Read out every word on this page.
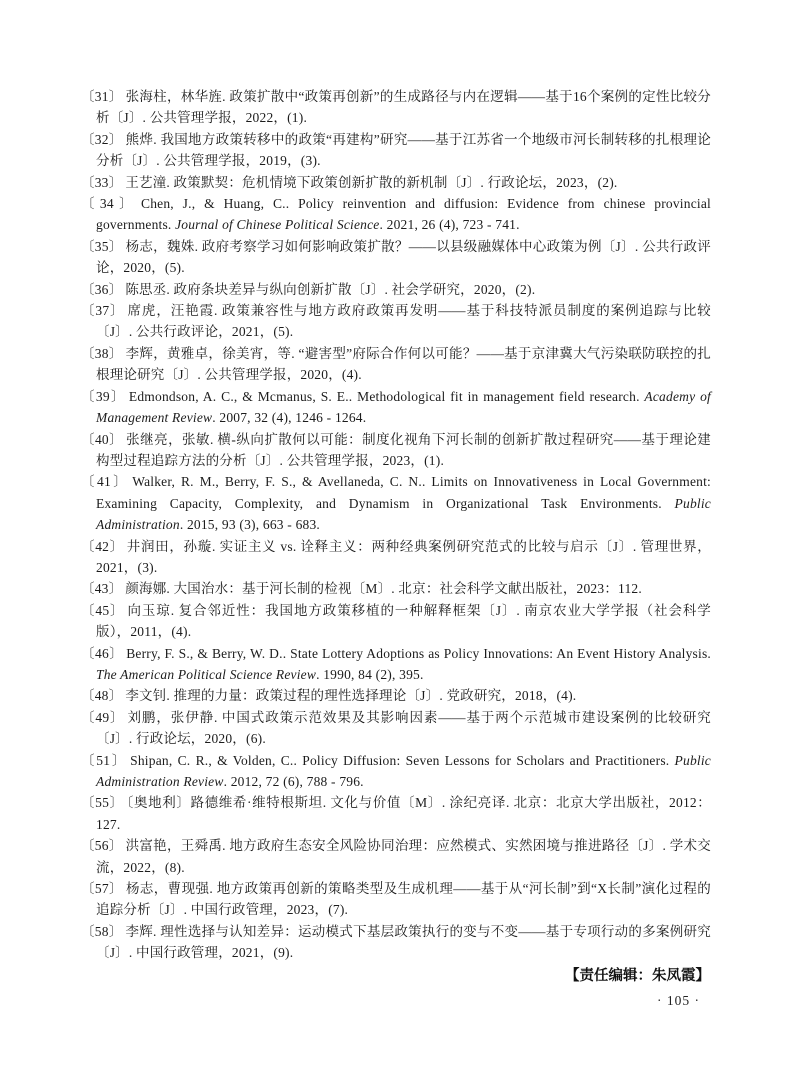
〔31〕 张海柱，林华旌. 政策扩散中“政策再创新”的生成路径与内在逻辑——基于16个案例的定性比较分析〔J〕. 公共管理学报，2022，(1).
〔32〕 熊烨. 我国地方政策转移中的政策“再建构”研究——基于江苏省一个地级市河长制转移的扎根理论分析〔J〕. 公共管理学报，2019，(3).
〔33〕 王艺潼. 政策默契：危机情境下政策创新扩散的新机制〔J〕. 行政论坛，2023，(2).
〔34〕 Chen, J., & Huang, C.. Policy reinvention and diffusion: Evidence from chinese provincial governments. Journal of Chinese Political Science. 2021, 26 (4), 723 - 741.
〔35〕 杨志，魏姝. 政府考察学习如何影响政策扩散？——以县级融媒体中心政策为例〔J〕. 公共行政评论，2020，(5).
〔36〕 陈思丞. 政府条块差异与纵向创新扩散〔J〕. 社会学研究，2020，(2).
〔37〕 席虎，汪艳霞. 政策兼容性与地方政府政策再发明——基于科技特派员制度的案例追踪与比较〔J〕. 公共行政评论，2021，(5).
〔38〕 李辉，黄雅卓，徐美宵，等. “避害型”府际合作何以可能？——基于京津冀大气污染联防联控的扎根理论研究〔J〕. 公共管理学报，2020，(4).
〔39〕 Edmondson, A. C., & Mcmanus, S. E.. Methodological fit in management field research. Academy of Management Review. 2007, 32 (4), 1246 - 1264.
〔40〕 张继亮，张敏. 横-纵向扩散何以可能：制度化视角下河长制的创新扩散过程研究——基于理论建构型过程追踪方法的分析〔J〕. 公共管理学报，2023，(1).
〔41〕 Walker, R. M., Berry, F. S., & Avellaneda, C. N.. Limits on Innovativeness in Local Government: Examining Capacity, Complexity, and Dynamism in Organizational Task Environments. Public Administration. 2015, 93 (3), 663 - 683.
〔42〕 井润田，孙璇. 实证主义 vs. 诠释主义：两种经典案例研究范式的比较与启示〔J〕. 管理世界，2021，(3).
〔43〕 颜海娜. 大国治水：基于河长制的检视〔M〕. 北京：社会科学文献出版社，2023：112.
〔45〕 向玉琼. 复合邻近性：我国地方政策移植的一种解释框架〔J〕. 南京农业大学学报（社会科学版），2011，(4).
〔46〕 Berry, F. S., & Berry, W. D.. State Lottery Adoptions as Policy Innovations: An Event History Analysis. The American Political Science Review. 1990, 84 (2), 395.
〔48〕 李文钊. 推理的力量：政策过程的理性选择理论〔J〕. 党政研究，2018，(4).
〔49〕 刘鹏，张伊静. 中国式政策示范效果及其影响因素——基于两个示范城市建设案例的比较研究〔J〕. 行政论坛，2020，(6).
〔51〕 Shipan, C. R., & Volden, C.. Policy Diffusion: Seven Lessons for Scholars and Practitioners. Public Administration Review. 2012, 72 (6), 788 - 796.
〔55〕 〔奥地利〕路德维希·维特根斯坦. 文化与价值〔M〕. 涂纪亮译. 北京：北京大学出版社，2012：127.
〔56〕 洪富艳，王舜禹. 地方政府生态安全风险协同治理：应然模式、实然困境与推进路径〔J〕. 学术交流，2022，(8).
〔57〕 杨志，曹现强. 地方政策再创新的策略类型及生成机理——基于从“河长制”到“X长制”演化过程的追踪分析〔J〕. 中国行政管理，2023，(7).
〔58〕 李辉. 理性选择与认知差异：运动模式下基层政策执行的变与不变——基于专项行动的多案例研究〔J〕. 中国行政管理，2021，(9).
【责任编辑：朱凤霞】
· 105 ·
